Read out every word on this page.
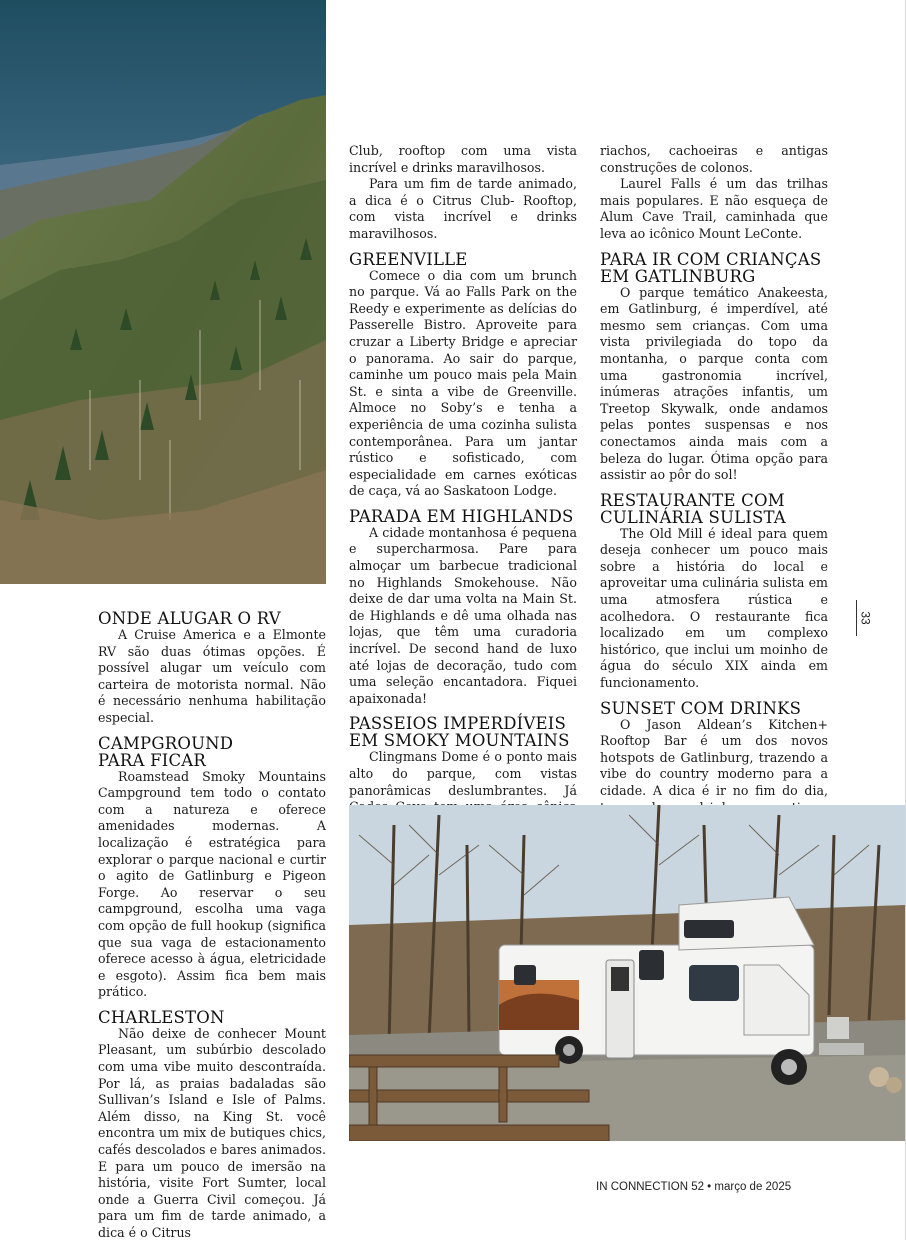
ONDE ALUGAR O RV

A Cruise America e a Elmonte RV são duas ótimas opções. É possível alugar um veículo com carteira de motorista normal. Não é necessário nenhuma habilitação especial.

CAMPGROUND
PARA FICAR

Roamstead Smoky Mountains Campground tem todo o contato com a natureza e oferece amenidades modernas. A localização é estratégica para explorar o parque nacional e curtir o agito de Gatlinburg e Pigeon Forge. Ao reservar o seu campground, escolha uma vaga com opção de full hookup (significa que sua vaga de estacionamento oferece acesso à água, eletricidade e esgoto). Assim fica bem mais prático.

CHARLESTON

Não deixe de conhecer Mount Pleasant, um subúrbio descolado com uma vibe muito descontraída. Por lá, as praias badaladas são Sullivan’s Island e Isle of Palms. Além disso, na King St. você encontra um mix de butiques chics, cafés descolados e bares animados. E para um pouco de imersão na história, visite Fort Sumter, local onde a Guerra Civil começou. Já para um fim de tarde animado, a dica é o Citrus

Club, rooftop com uma vista incrível e drinks maravilhosos.

Para um fim de tarde animado, a dica é o Citrus Club- Rooftop, com vista incrível e drinks maravilhosos.

GREENVILLE

Comece o dia com um brunch no parque. Vá ao Falls Park on the Reedy e experimente as delícias do Passerelle Bistro. Aproveite para cruzar a Liberty Bridge e apreciar o panorama. Ao sair do parque, caminhe um pouco mais pela Main St. e sinta a vibe de Greenville. Almoce no Soby’s e tenha a experiência de uma cozinha sulista contemporânea. Para um jantar rústico e sofisticado, com especialidade em carnes exóticas de caça, vá ao Saskatoon Lodge.

PARADA EM HIGHLANDS

A cidade montanhosa é pequena e supercharmosa. Pare para almoçar um barbecue tradicional no Highlands Smokehouse. Não deixe de dar uma volta na Main St. de Highlands e dê uma olhada nas lojas, que têm uma curadoria incrível. De second hand de luxo até lojas de decoração, tudo com uma seleção encantadora. Fiquei apaixonada!

PASSEIOS IMPERDÍVEIS
EM SMOKY MOUNTAINS

Clingmans Dome é o ponto mais alto do parque, com vistas panorâmicas deslumbrantes. Já

riachos, cachoeiras e antigas construções de colonos.

Laurel Falls é um das trilhas mais populares. E não esqueça de Alum Cave Trail, caminhada que leva ao icônico Mount LeConte.

PARA IR COM CRIANÇAS
EM GATLINBURG

O parque temático Anakeesta, em Gatlinburg, é imperdível, até mesmo sem crianças. Com uma vista privilegiada do topo da montanha, o parque conta com uma gastronomia incrível, inúmeras atrações infantis, um Treetop Skywalk, onde andamos pelas pontes suspensas e nos conectamos ainda mais com a beleza do lugar. Ótima opção para assistir ao pôr do sol!

RESTAURANTE COM
CULINÁRIA SULISTA

The Old Mill é ideal para quem deseja conhecer um pouco mais sobre a história do local e aproveitar uma culinária sulista em uma atmosfera rústica e acolhedora. O restaurante fica localizado em um complexo histórico, que inclui um moinho de água do século XIX ainda em funcionamento.

SUNSET COM DRINKS

O Jason Aldean’s Kitchen+ Rooftop Bar é um dos novos hotspots de Gatlinburg, trazendo a vibe do country moderno para a cidade. A dica é ir no fim do dia,

33
IN CONNECTION 52 • março de 2025
